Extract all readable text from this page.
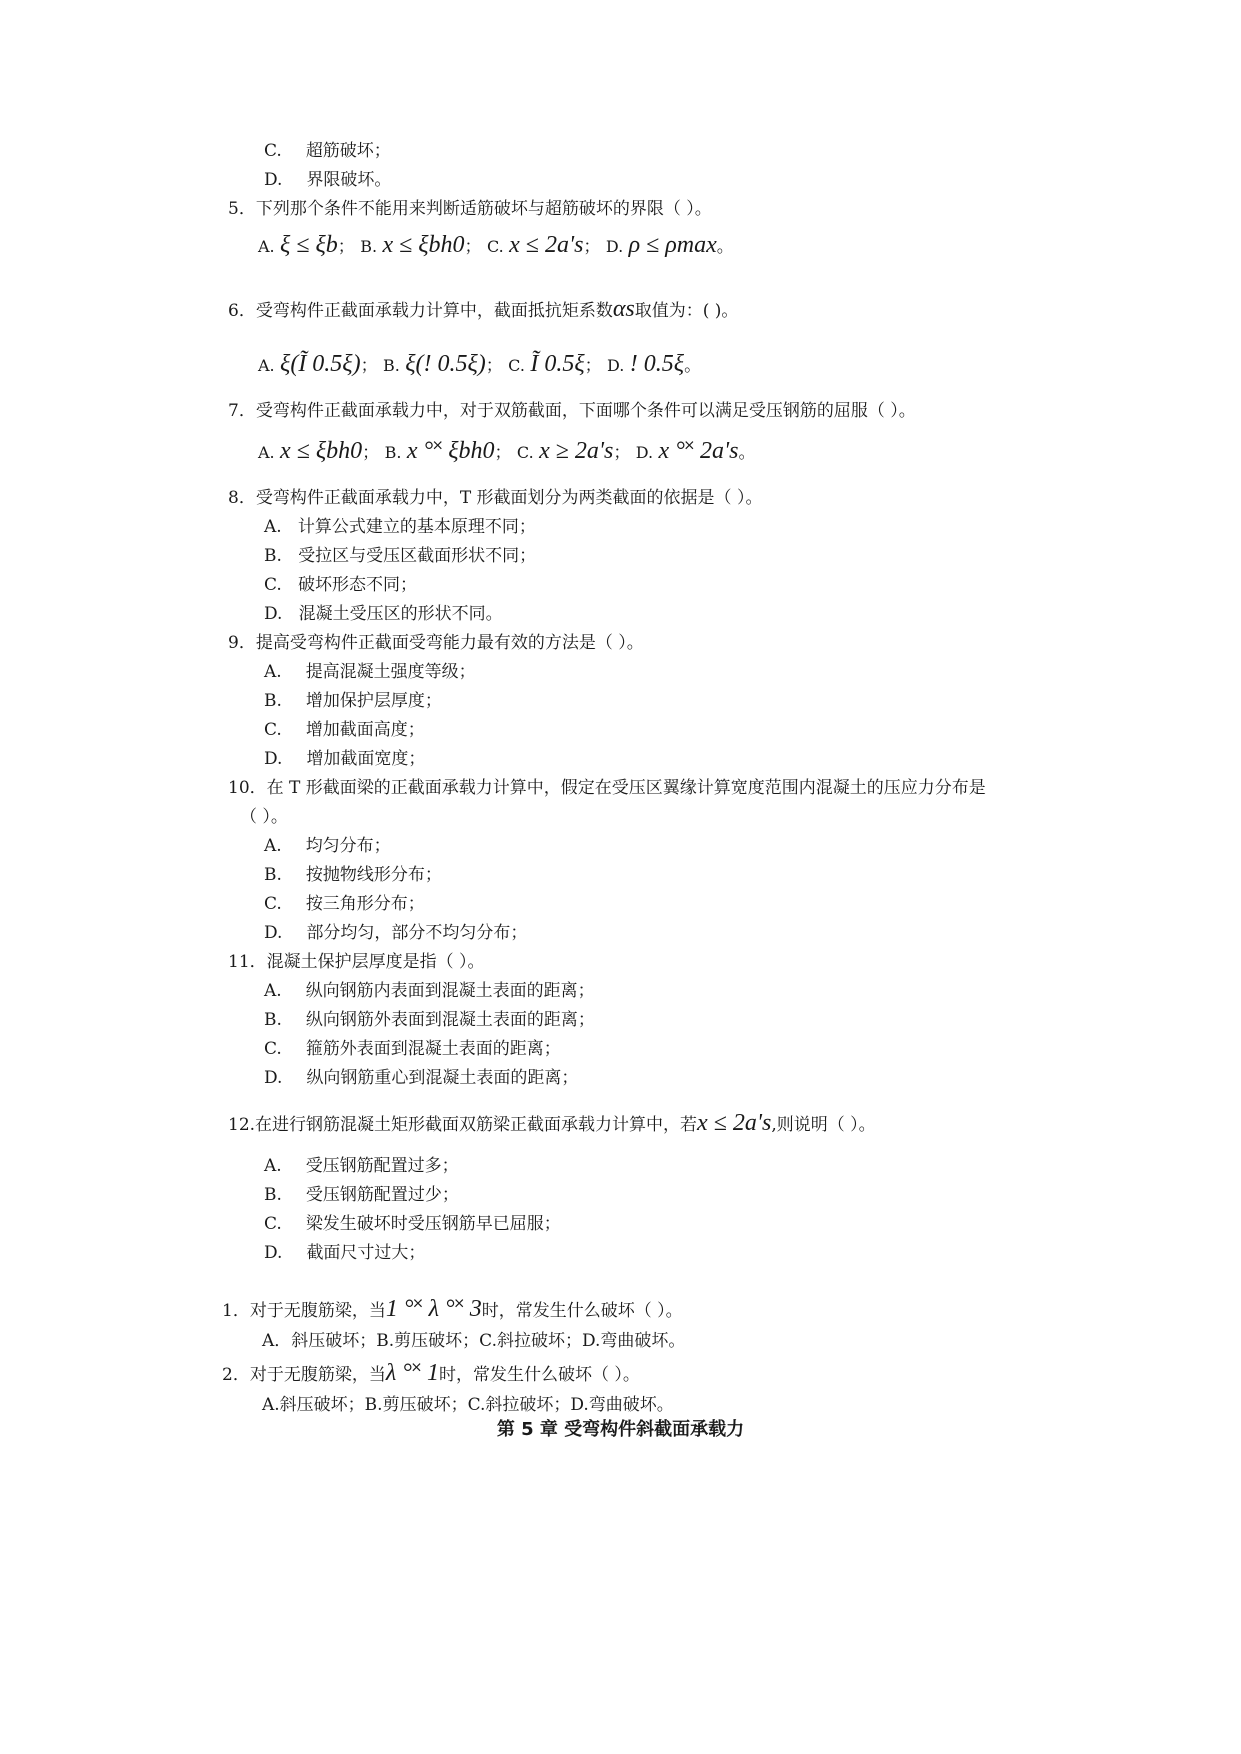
C. 超筋破坏；
D. 界限破坏。
5．下列那个条件不能用来判断适筋破坏与超筋破坏的界限（ ）。
A. ξ ≤ ξb； B. x ≤ ξbh0； C. x ≤ 2a's； D. ρ ≤ ρmax。
6．受弯构件正截面承载力计算中，截面抵抗矩系数αs取值为：( )。
A. ξ(Ĩ 0.5ξ)； B. ξ(! 0.5ξ)； C. Ĩ 0.5ξ； D. ! 0.5ξ。
7．受弯构件正截面承载力中，对于双筋截面，下面哪个条件可以满足受压钢筋的屈服（ ）。
A. x ≤ ξbh0； B. x °˟ ξbh0； C. x ≥ 2a's； D. x °˟ 2a's。
8．受弯构件正截面承载力中，T 形截面划分为两类截面的依据是（ ）。
A. 计算公式建立的基本原理不同；
B. 受拉区与受压区截面形状不同；
C. 破坏形态不同；
D. 混凝土受压区的形状不同。
9．提高受弯构件正截面受弯能力最有效的方法是（ ）。
A. 提高混凝土强度等级；
B. 增加保护层厚度；
C. 增加截面高度；
D. 增加截面宽度；
10．在 T 形截面梁的正截面承载力计算中，假定在受压区翼缘计算宽度范围内混凝土的压应力分布是
（ ）。
A. 均匀分布；
B. 按抛物线形分布；
C. 按三角形分布；
D. 部分均匀，部分不均匀分布；
11．混凝土保护层厚度是指（ ）。
A. 纵向钢筋内表面到混凝土表面的距离；
B. 纵向钢筋外表面到混凝土表面的距离；
C. 箍筋外表面到混凝土表面的距离；
D. 纵向钢筋重心到混凝土表面的距离；
12.在进行钢筋混凝土矩形截面双筋梁正截面承载力计算中，若x ≤ 2a's,则说明（ ）。
A. 受压钢筋配置过多；
B. 受压钢筋配置过少；
C. 梁发生破坏时受压钢筋早已屈服；
D. 截面尺寸过大；
第 5 章 受弯构件斜截面承载力
1．对于无腹筋梁，当1 °˟ λ °˟ 3时，常发生什么破坏（ ）。
A．斜压破坏；B.剪压破坏；C.斜拉破坏；D.弯曲破坏。
2．对于无腹筋梁，当λ °˟ 1时，常发生什么破坏（ ）。
A.斜压破坏；B.剪压破坏；C.斜拉破坏；D.弯曲破坏。
